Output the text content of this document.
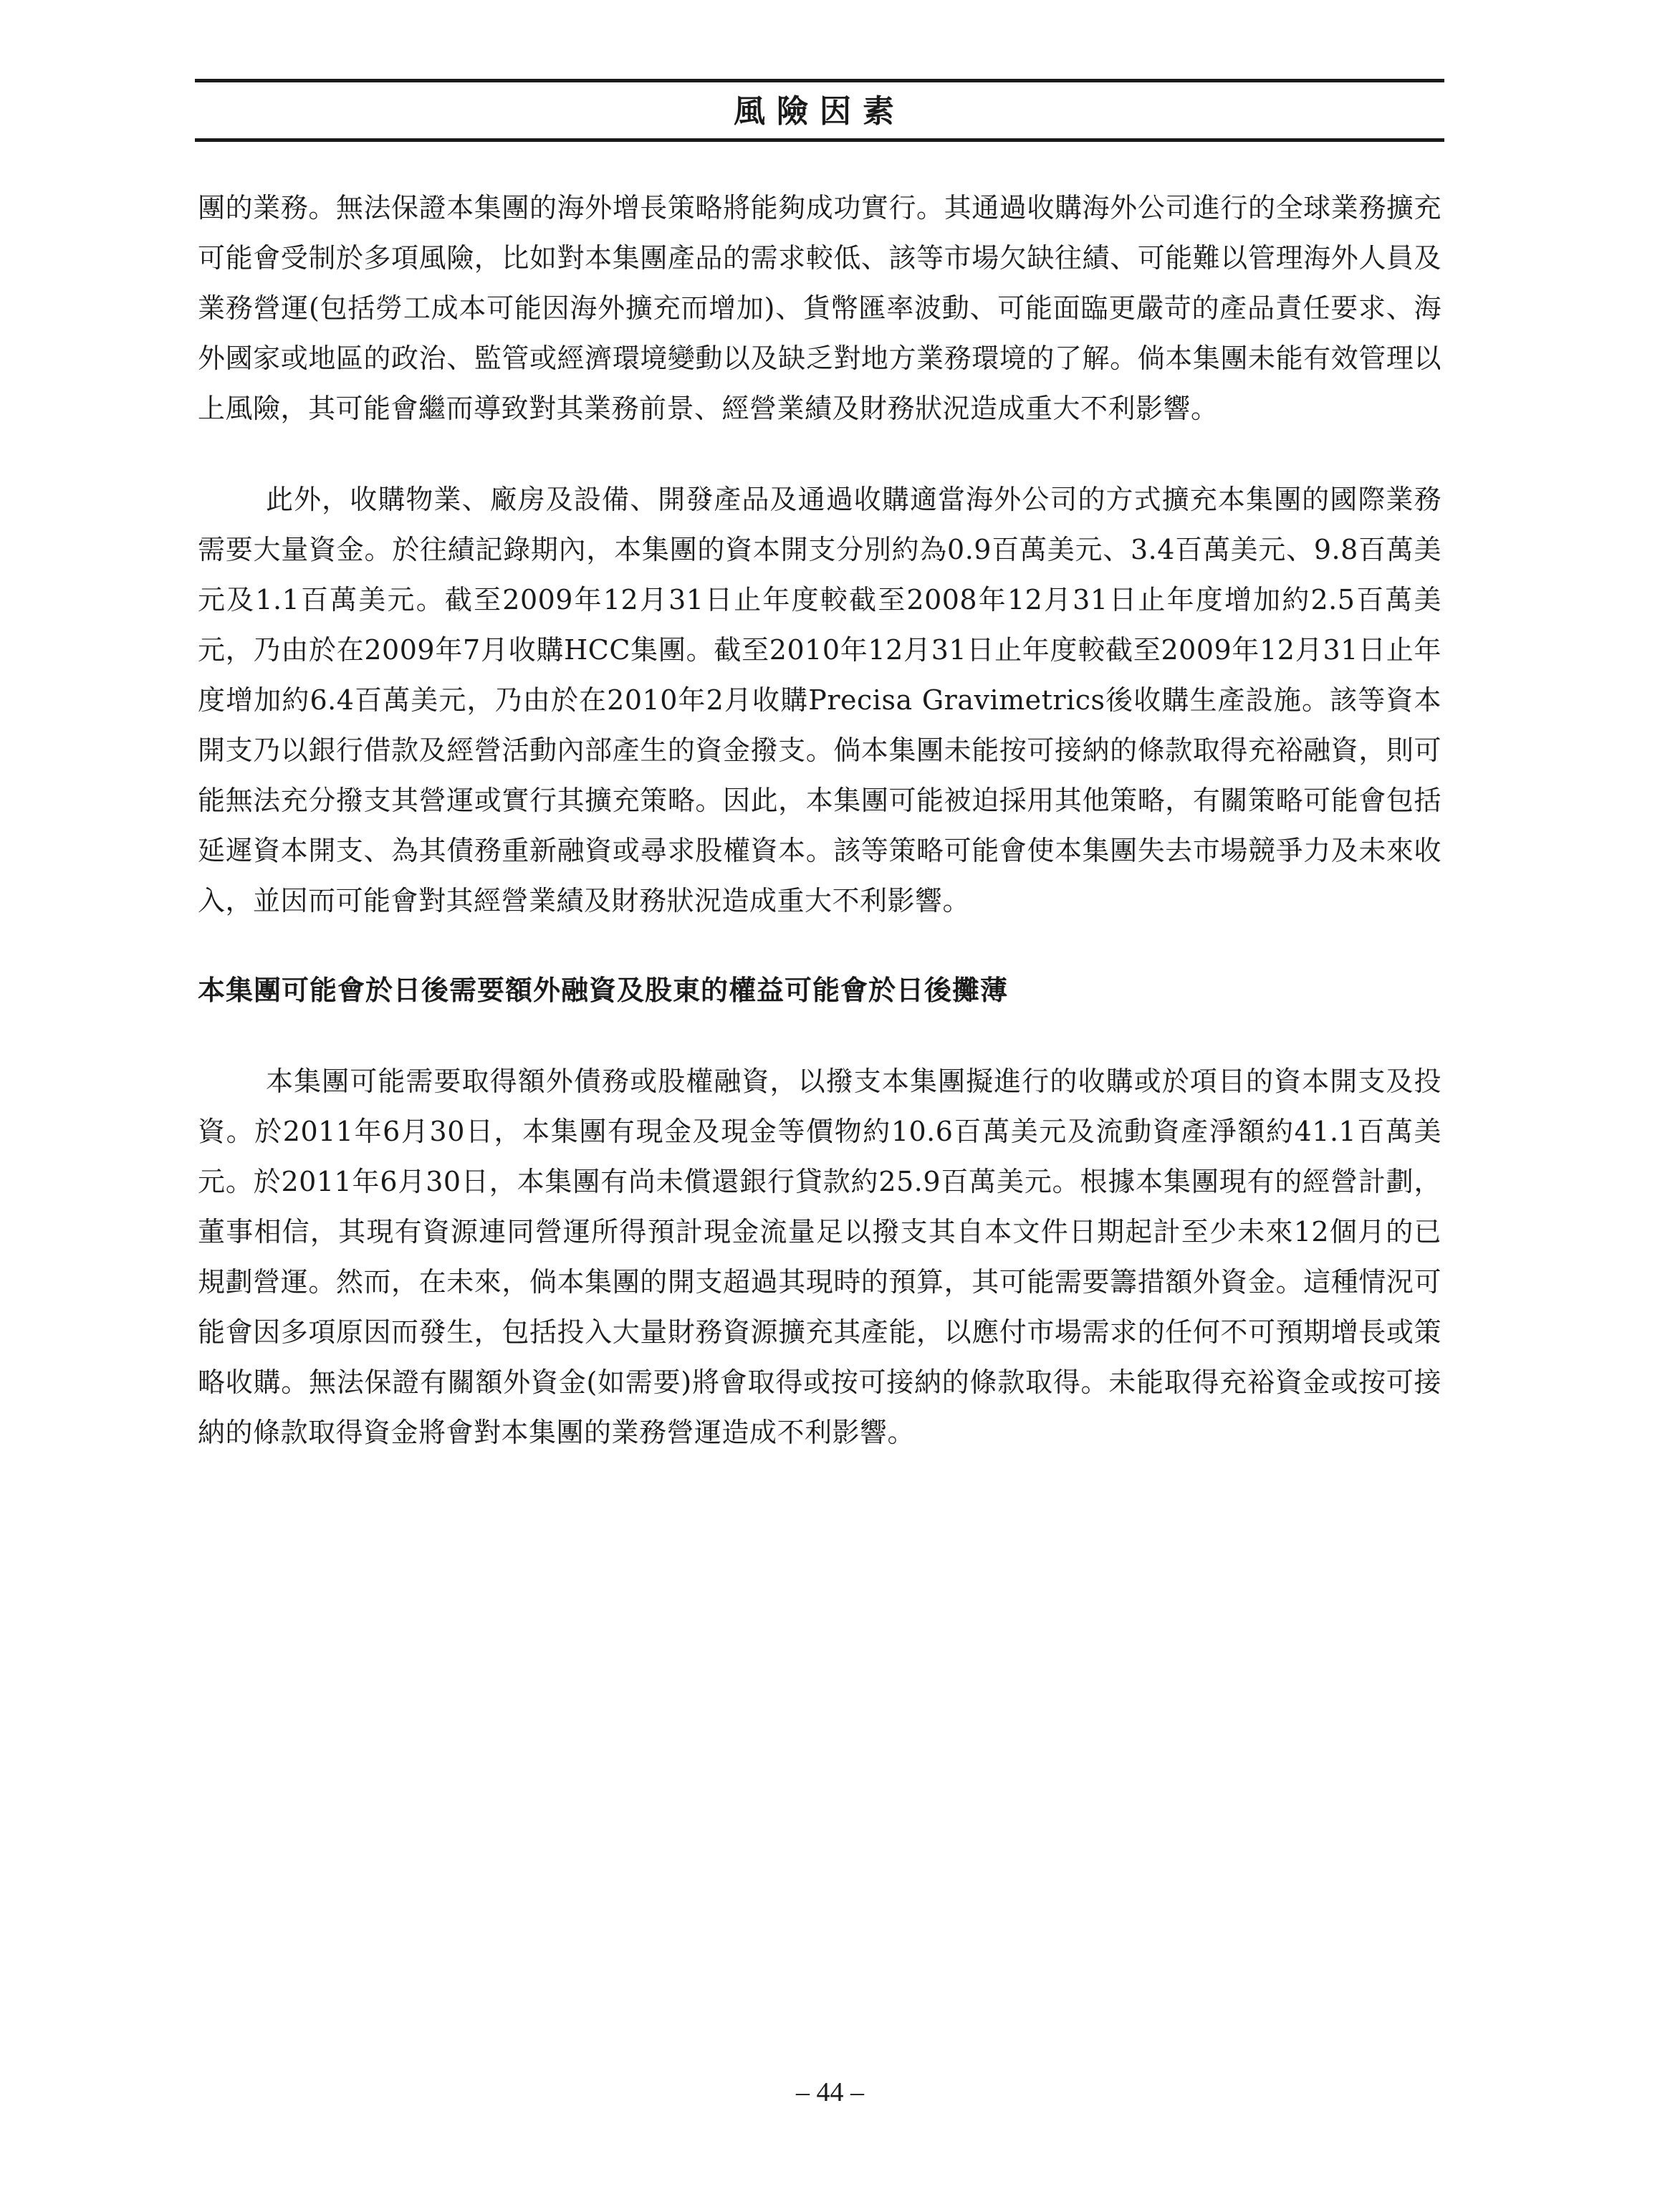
風險因素

團的業務。無法保證本集團的海外增長策略將能夠成功實行。其通過收購海外公司進行的全球業務擴充可能會受制於多項風險，比如對本集團產品的需求較低、該等市場欠缺往績、可能難以管理海外人員及業務營運(包括勞工成本可能因海外擴充而增加)、貨幣匯率波動、可能面臨更嚴苛的產品責任要求、海外國家或地區的政治、監管或經濟環境變動以及缺乏對地方業務環境的了解。倘本集團未能有效管理以上風險，其可能會繼而導致對其業務前景、經營業績及財務狀況造成重大不利影響。

此外，收購物業、廠房及設備、開發產品及通過收購適當海外公司的方式擴充本集團的國際業務需要大量資金。於往績記錄期內，本集團的資本開支分別約為0.9百萬美元、3.4百萬美元、9.8百萬美元及1.1百萬美元。截至2009年12月31日止年度較截至2008年12月31日止年度增加約2.5百萬美元，乃由於在2009年7月收購HCC集團。截至2010年12月31日止年度較截至2009年12月31日止年度增加約6.4百萬美元，乃由於在2010年2月收購Precisa Gravimetrics後收購生產設施。該等資本開支乃以銀行借款及經營活動內部產生的資金撥支。倘本集團未能按可接納的條款取得充裕融資，則可能無法充分撥支其營運或實行其擴充策略。因此，本集團可能被迫採用其他策略，有關策略可能會包括延遲資本開支、為其債務重新融資或尋求股權資本。該等策略可能會使本集團失去市場競爭力及未來收入，並因而可能會對其經營業績及財務狀況造成重大不利影響。

本集團可能會於日後需要額外融資及股東的權益可能會於日後攤薄

本集團可能需要取得額外債務或股權融資，以撥支本集團擬進行的收購或於項目的資本開支及投資。於2011年6月30日，本集團有現金及現金等價物約10.6百萬美元及流動資產淨額約41.1百萬美元。於2011年6月30日，本集團有尚未償還銀行貸款約25.9百萬美元。根據本集團現有的經營計劃，董事相信，其現有資源連同營運所得預計現金流量足以撥支其自本文件日期起計至少未來12個月的已規劃營運。然而，在未來，倘本集團的開支超過其現時的預算，其可能需要籌措額外資金。這種情況可能會因多項原因而發生，包括投入大量財務資源擴充其產能，以應付市場需求的任何不可預期增長或策略收購。無法保證有關額外資金(如需要)將會取得或按可接納的條款取得。未能取得充裕資金或按可接納的條款取得資金將會對本集團的業務營運造成不利影響。

– 44 –
